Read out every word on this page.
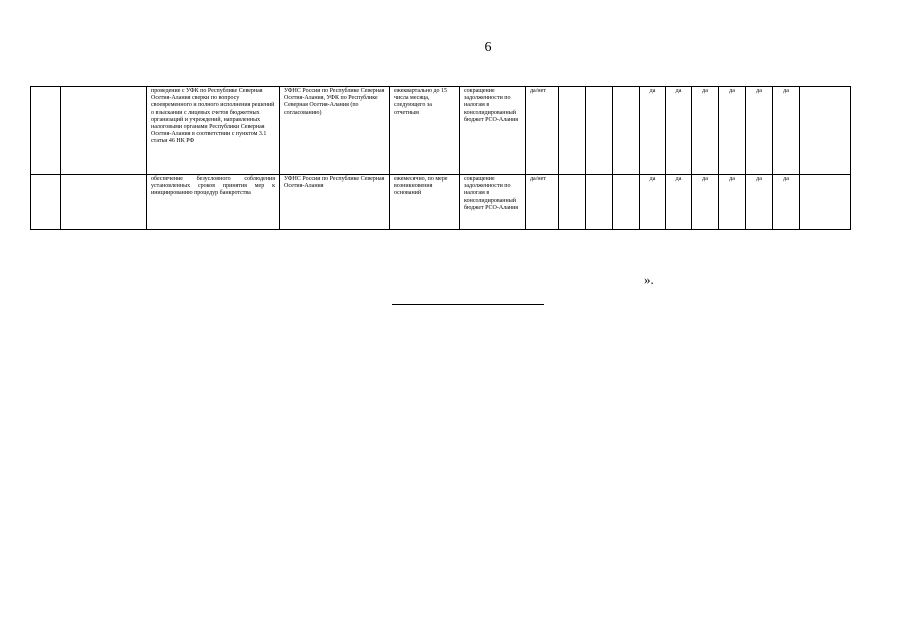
6
		проведение с УФК по Республике Северная Осетия-Алания сверки по вопросу своевременного и полного исполнения решений о взыскании с лицевых счетов бюджетных организаций и учреждений, направленных налоговыми органами Республики Северная Осетия-Алания в соответствии с пунктом 3.1 статьи 46 НК РФ	УФНС России по Республике Северная Осетия-Алания, УФК по Республике Северная Осетия-Алания (по согласованию)	ежеквартально до 15 числа месяца, следующего за отчетным	сокращение задолженности по налогам в консолидированный бюджет РСО-Алания	да/нет				да	да	да	да	да	да	
		обеспечение безусловного соблюдения установленных сроков принятия мер к инициированию процедур банкротства	УФНС России по Республике Северная Осетия-Алания	ежемесячно, по мере возникновения оснований	сокращение задолженности по налогам в консолидированный бюджет РСО-Алания	да/нет				да	да	да	да	да	да	
».
